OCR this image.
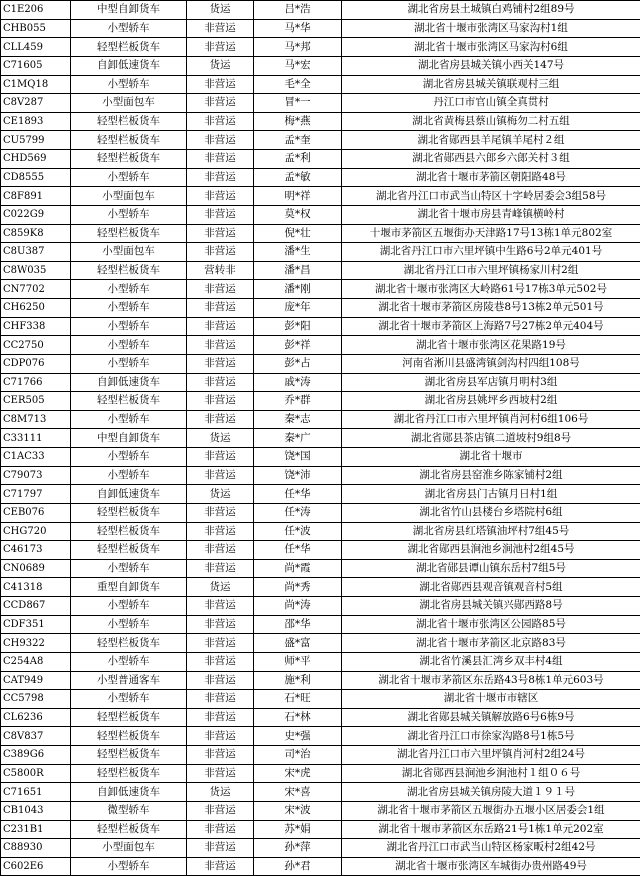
C1E206	中型自卸货车	货运	吕*浩	湖北省房县土城镇白鸡铺村2组89号
CHB055	小型轿车	非营运	马*华	湖北省十堰市张湾区马家沟村1组
CLL459	轻型栏板货车	非营运	马*邦	湖北省十堰市张湾区马家沟村6组
C71605	自卸低速货车	货运	马*宏	湖北省房县城关镇小西关147号
C1MQ18	小型轿车	非营运	毛*全	湖北省房县城关镇联观村三组
C8V287	小型面包车	非营运	冒*一	丹江口市官山镇全真贯村
CE1893	轻型栏板货车	非营运	梅*燕	湖北省黄梅县蔡山镇梅勿二村五组
CU5799	轻型栏板货车	非营运	孟*奎	湖北省郧西县羊尾镇羊尾村２组
CHD569	轻型栏板货车	非营运	孟*利	湖北省郧西县六郎乡六郎关村３组
CD8555	小型轿车	非营运	孟*敏	湖北省十堰市茅箭区朝阳路48号
C8F891	小型面包车	非营运	明*祥	湖北省丹江口市武当山特区十字岭居委会3组58号
C022G9	小型轿车	非营运	莫*权	湖北省十堰市房县青峰镇横岭村
C859K8	轻型栏板货车	非营运	倪*壮	十堰市茅箭区五堰街办天津路17号13栋1单元802室
C8U387	小型面包车	非营运	潘*生	湖北省丹江口市六里坪镇中生路6号2单元401号
C8W035	轻型栏板货车	营转非	潘*昌	湖北省丹江口市六里坪镇杨家川村2组
CN7702	小型轿车	非营运	潘*刚	湖北省十堰市张湾区大岭路61号17栋3单元502号
CH6250	小型轿车	非营运	庞*年	湖北省十堰市茅箭区房陵巷8号13栋2单元501号
CHF338	小型轿车	非营运	彭*阳	湖北省十堰市茅箭区上海路7号27栋2单元404号
CC2750	小型轿车	非营运	彭*祥	湖北省十堰市张湾区花果路19号
CDP076	小型轿车	非营运	彭*占	河南省淅川县盛湾镇剑沟村四组108号
C71766	自卸低速货车	非营运	戚*涛	湖北省房县军店镇月明村3组
CER505	轻型栏板货车	非营运	乔*群	湖北省房县姚坪乡西坡村2组
C8M713	小型轿车	非营运	秦*志	湖北省丹江口市六里坪镇肖河村6组106号
C33111	中型自卸货车	货运	秦*广	湖北省郧县茶店镇二道坡村9组8号
C1AC33	小型轿车	非营运	饶*国	湖北省十堰市
C79073	小型轿车	非营运	饶*沛	湖北省房县窑淮乡陈家铺村2组
C71797	自卸低速货车	货运	任*华	湖北省房县门古镇月日村1组
CEB076	轻型栏板货车	非营运	任*涛	湖北省竹山县楼台乡塔院村6组
CHG720	轻型栏板货车	非营运	任*波	湖北省房县红塔镇油坪村7组45号
C46173	轻型栏板货车	非营运	任*华	湖北省郧西县涧池乡涧池村2组45号
CN0689	小型轿车	非营运	尚*霞	湖北省郧县谭山镇东岳村7组5号
C41318	重型自卸货车	货运	尚*秀	湖北省郧西县观音镇观音村5组
CCD867	小型轿车	非营运	尚*涛	湖北省房县城关镇兴郧西路8号
CDF351	小型轿车	非营运	邵*华	湖北省十堰市张湾区公园路85号
CH9322	轻型栏板货车	非营运	盛*富	湖北省十堰市茅箭区北京路83号
C254A8	小型轿车	非营运	师*平	湖北省竹溪县汇湾乡双丰村4组
CAT949	小型普通客车	非营运	施*利	湖北省十堰市茅箭区东岳路43号8栋1单元603号
CC5798	小型轿车	非营运	石*旺	湖北省十堰市市辖区
CL6236	轻型栏板货车	非营运	石*林	湖北省郧县城关镇解放路6号6栋9号
C8V837	轻型栏板货车	非营运	史*强	湖北省丹江口市徐家沟路8号1栋5号
C389G6	轻型栏板货车	非营运	司*治	湖北省丹江口市六里坪镇肖河村2组24号
C5800R	轻型栏板货车	非营运	宋*虎	湖北省郧西县涧池乡涧池村１组０６号
C71651	自卸低速货车	货运	宋*喜	湖北省房县城关镇房陵大道１９１号
CB1043	微型轿车	非营运	宋*波	湖北省十堰市茅箭区五堰街办五堰小区居委会1组
C231B1	轻型栏板货车	非营运	苏*娟	湖北省十堰市茅箭区东岳路21号1栋1单元202室
C88930	小型面包车	非营运	孙*萍	湖北省丹江口市武当山特区杨家畈村2组42号
C602E6	小型轿车	非营运	孙*君	湖北省十堰市张湾区车城街办贵州路49号
